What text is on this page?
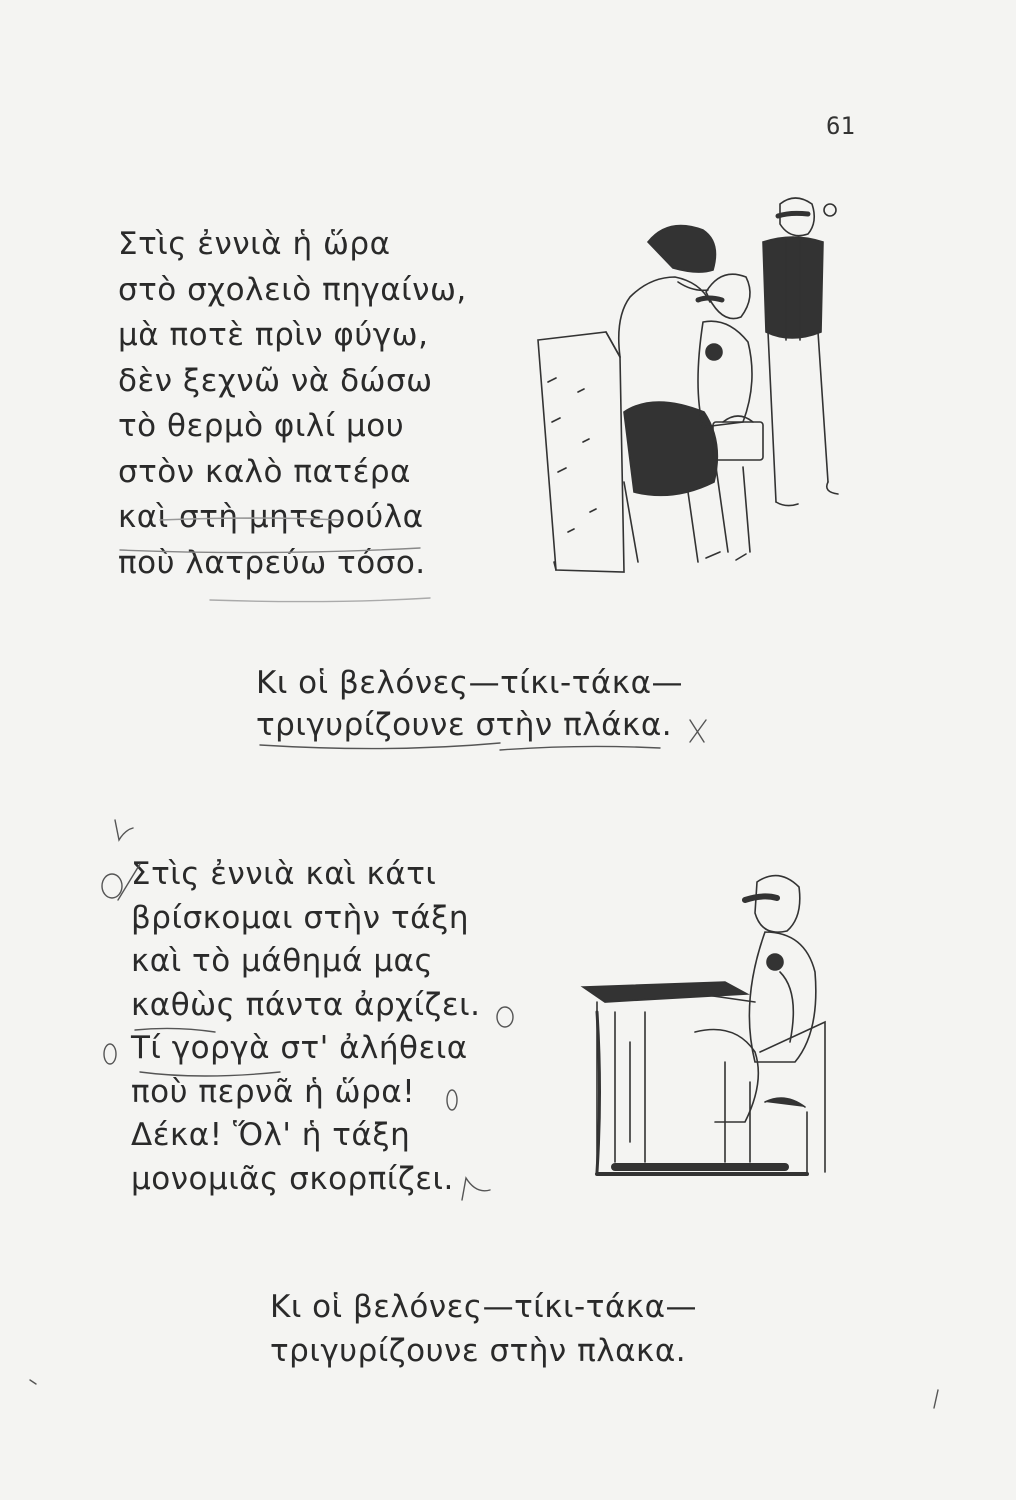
61
Στὶς ἐννιὰ ἡ ὥρα
στὸ σχολειὸ πηγαίνω,
μὰ ποτὲ πρὶν φύγω,
δὲν ξεχνῶ νὰ δώσω
τὸ θερμὸ φιλί μου
στὸν καλὸ πατέρα
καὶ στὴ μητερούλα
ποὺ λατρεύω τόσο.
Κι οἱ βελόνες—τίκι-τάκα—
τριγυρίζουνε στὴν πλάκα.
Στὶς ἐννιὰ καὶ κάτι
βρίσκομαι στὴν τάξη
καὶ τὸ μάθημά μας
καθὼς πάντα ἀρχίζει.
Τί γοργὰ στ' ἀλήθεια
ποὺ περνᾶ ἡ ὥρα!
Δέκα! Ὅλ' ἡ τάξη
μονομιᾶς σκορπίζει.
Κι οἱ βελόνες—τίκι-τάκα—
τριγυρίζουνε στὴν πλακα.
